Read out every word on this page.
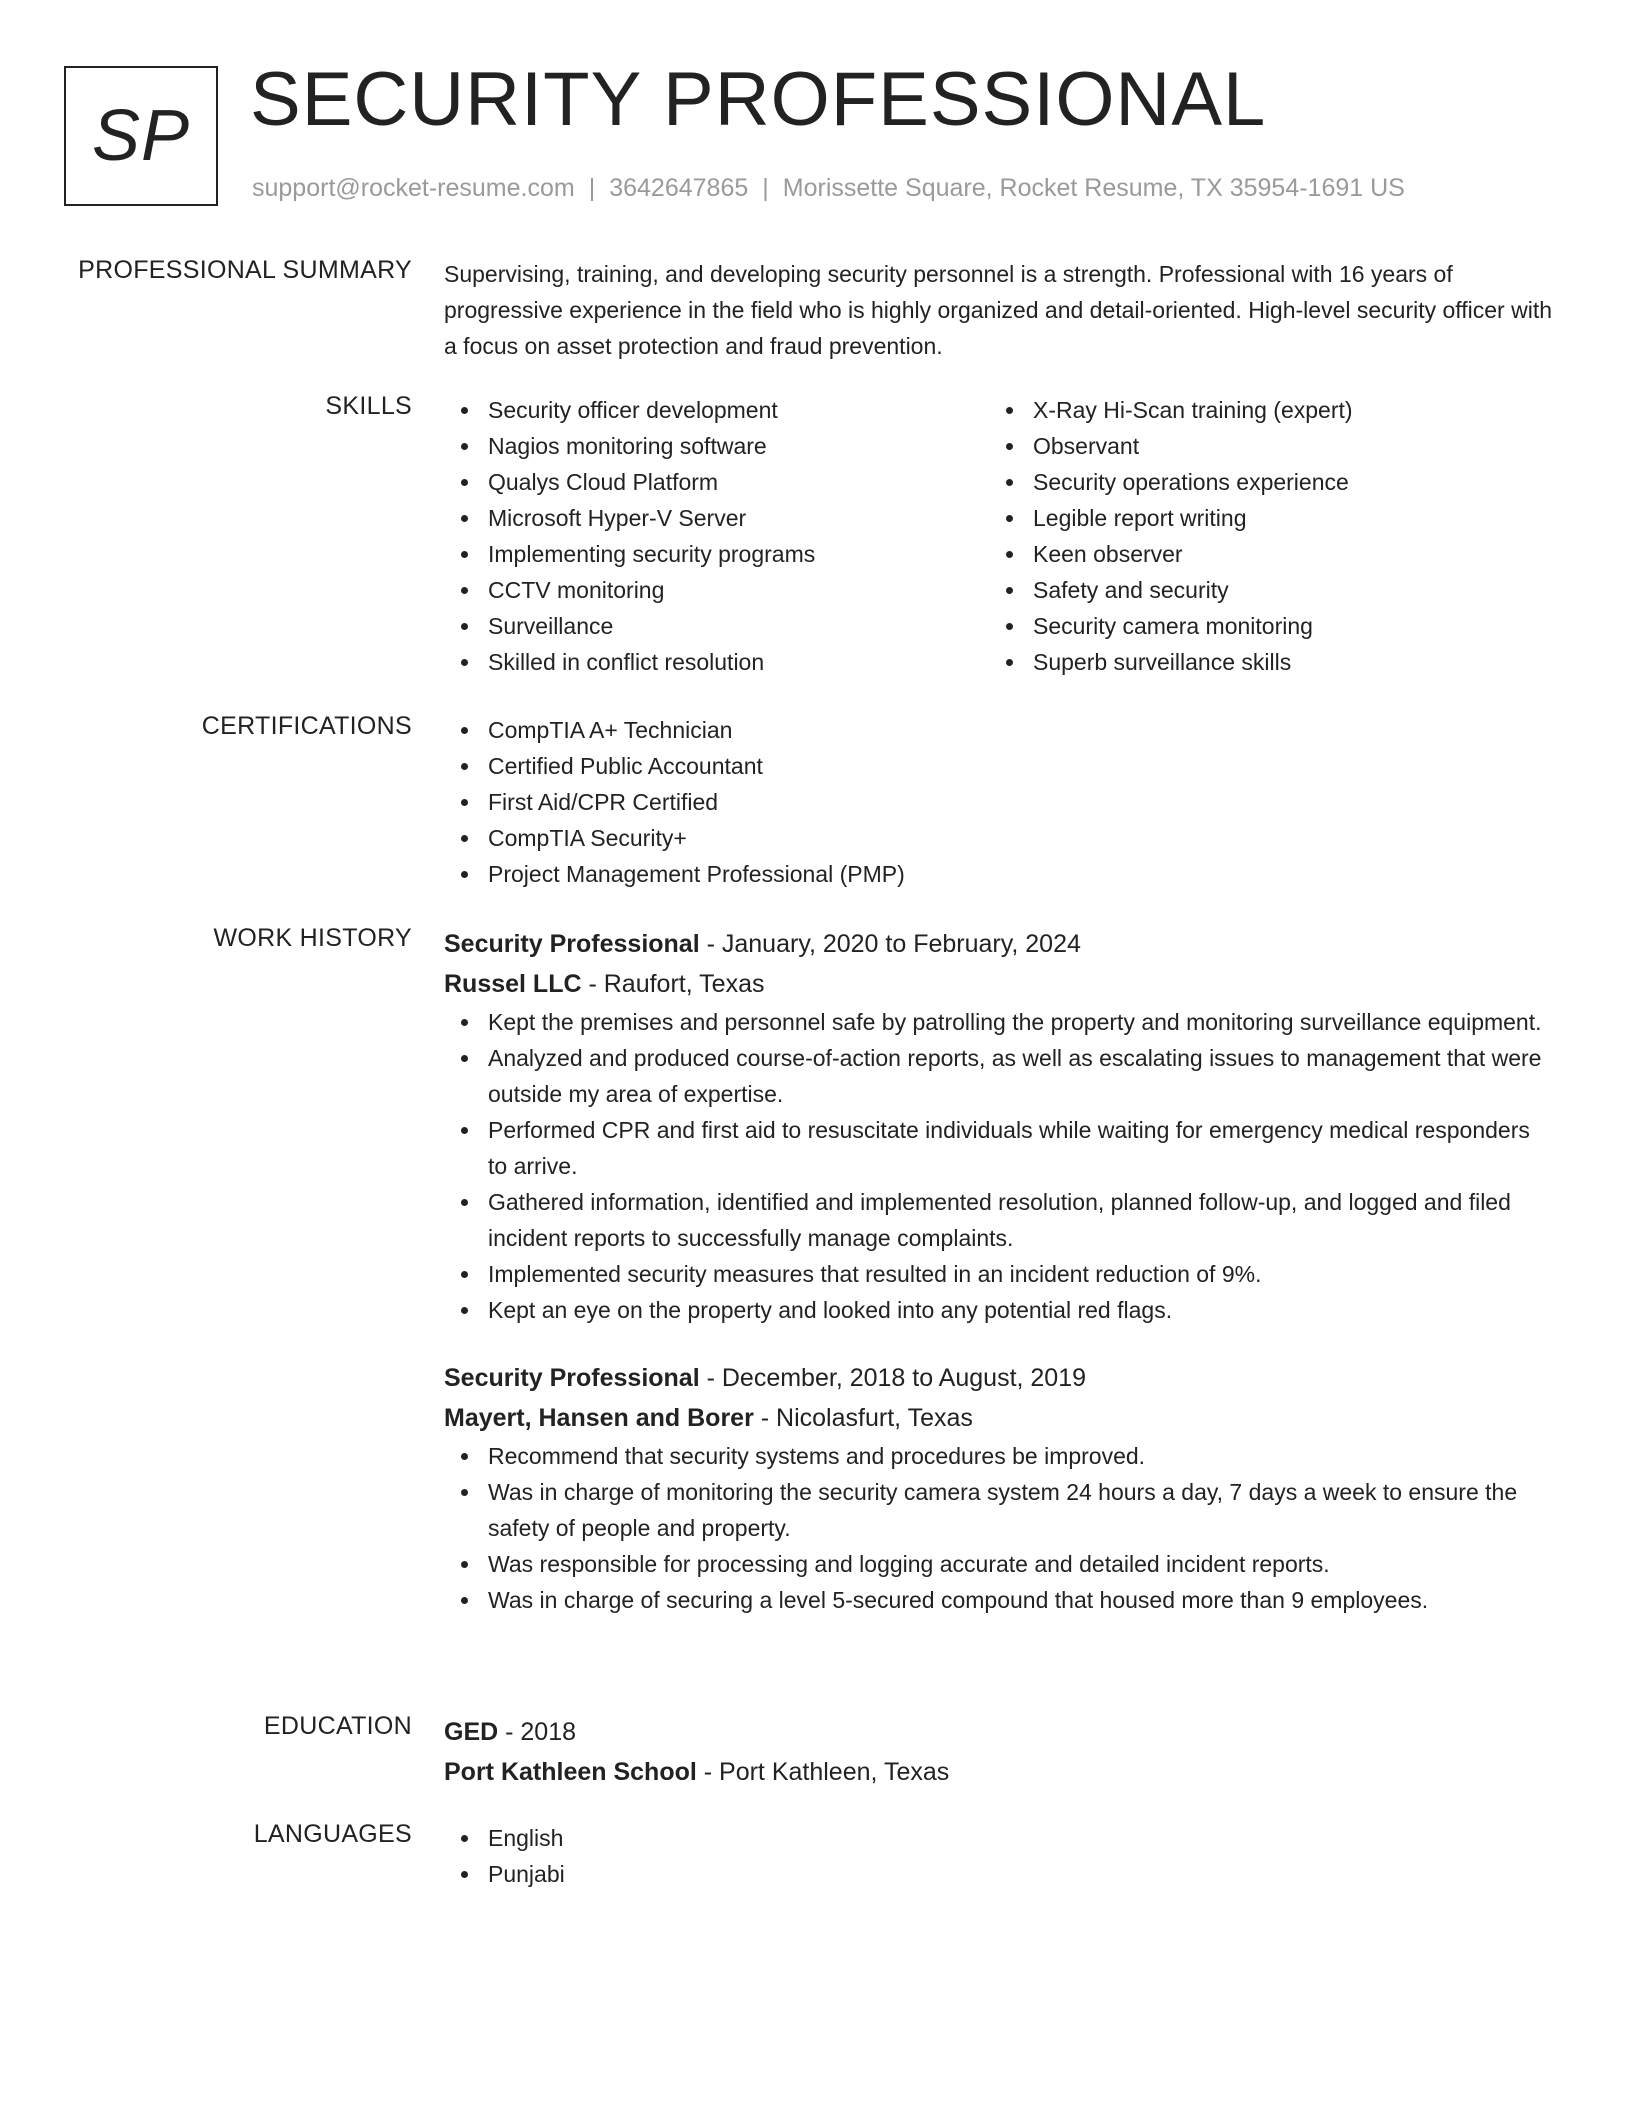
SP SECURITY PROFESSIONAL
support@rocket-resume.com | 3642647865 | Morissette Square, Rocket Resume, TX 35954-1691 US
PROFESSIONAL SUMMARY Supervising, training, and developing security personnel is a strength. Professional with 16 years of progressive experience in the field who is highly organized and detail-oriented. High-level security officer with a focus on asset protection and fraud prevention.

SKILLS	Security officer development
Nagios monitoring software
Qualys Cloud Platform
Microsoft Hyper-V Server
Implementing security programs
CCTV monitoring
Surveillance
Skilled in conflict resolution
X-Ray Hi-Scan training (expert)
Observant
Security operations experience
Legible report writing
Keen observer
Safety and security
Security camera monitoring
Superb surveillance skills
CERTIFICATIONS	CompTIA A+ Technician
Certified Public Accountant
First Aid/CPR Certified
CompTIA Security+
Project Management Professional (PMP)
WORK HISTORY Security Professional - January, 2020 to February, 2024
Russel LLC - Raufort, Texas
Kept the premises and personnel safe by patrolling the property and monitoring surveillance equipment.
Analyzed and produced course-of-action reports, as well as escalating issues to management that were outside my area of expertise.
Performed CPR and first aid to resuscitate individuals while waiting for emergency medical responders to arrive.
Gathered information, identified and implemented resolution, planned follow-up, and logged and filed incident reports to successfully manage complaints.
Implemented security measures that resulted in an incident reduction of 9%.
Kept an eye on the property and looked into any potential red flags.
Security Professional - December, 2018 to August, 2019
Mayert, Hansen and Borer - Nicolasfurt, Texas
Recommend that security systems and procedures be improved.
Was in charge of monitoring the security camera system 24 hours a day, 7 days a week to ensure the safety of people and property.
Was responsible for processing and logging accurate and detailed incident reports.
Was in charge of securing a level 5-secured compound that housed more than 9 employees.
EDUCATION GED - 2018
Port Kathleen School - Port Kathleen, Texas
LANGUAGES	English
Punjabi
